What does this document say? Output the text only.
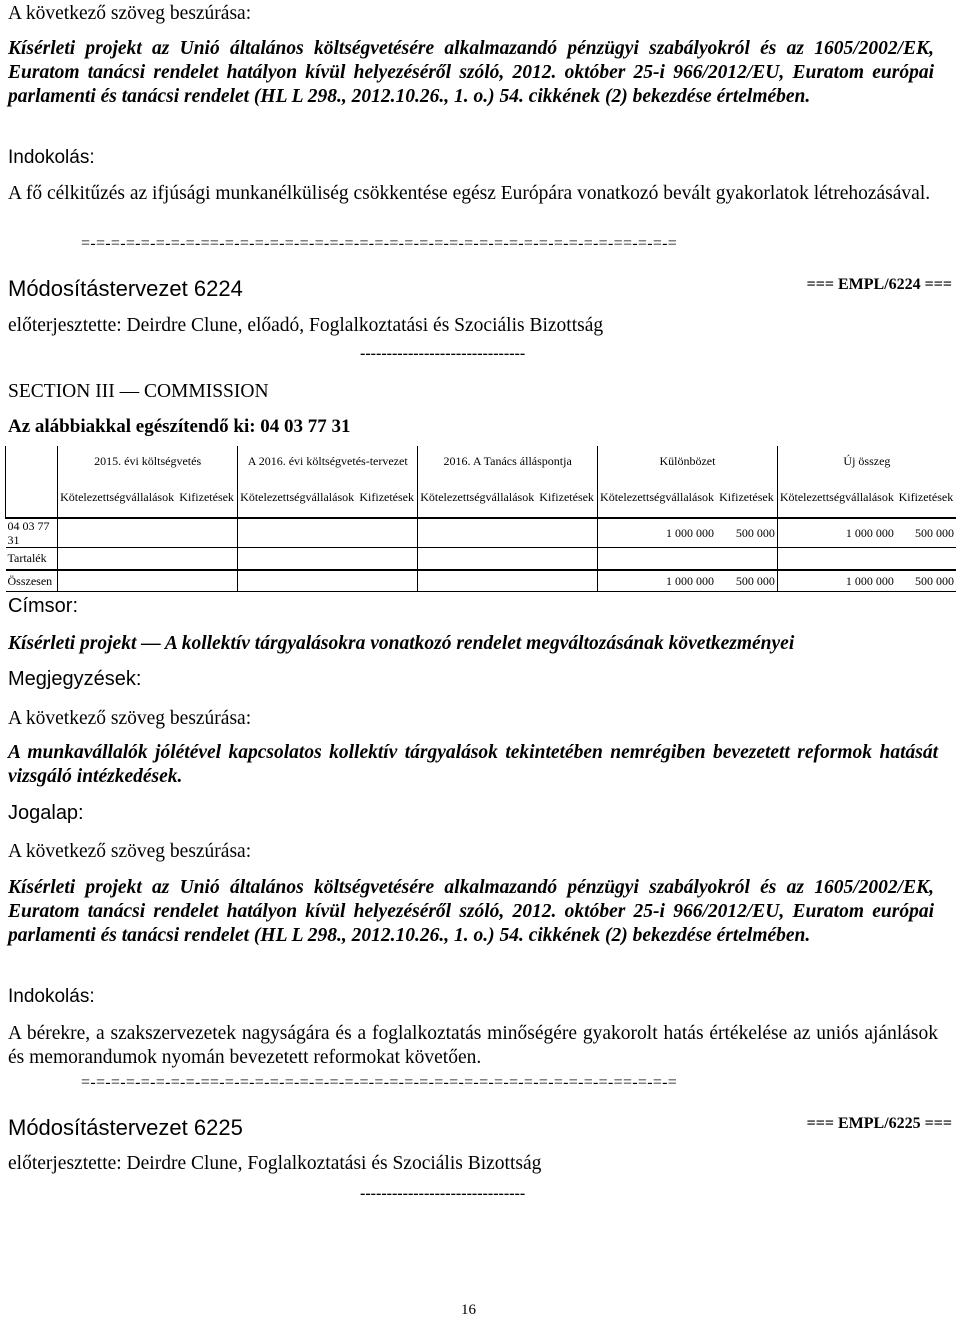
A következő szöveg beszúrása:
Kísérleti projekt az Unió általános költségvetésére alkalmazandó pénzügyi szabályokról és az 1605/2002/EK, Euratom tanácsi rendelet hatályon kívül helyezéséről szóló, 2012. október 25-i 966/2012/EU, Euratom európai parlamenti és tanácsi rendelet (HL L 298., 2012.10.26., 1. o.) 54. cikkének (2) bekezdése értelmében.
Indokolás:
A fő célkitűzés az ifjúsági munkanélküliség csökkentése egész Európára vonatkozó bevált gyakorlatok létrehozásával.
=-=-=-=-=-=-=-=-==-=-=-=-=-=-=-=-=-=-=-=-=-=-=-=-=-=-=-=-=-=-=-=-=-=-=-==-=-=-=
Módosítástervezet 6224	=== EMPL/6224 ===
előterjesztette: Deirdre Clune, előadó, Foglalkoztatási és Szociális Bizottság
-------------------------------
SECTION III — COMMISSION
Az alábbiakkal egészítendő ki: 04 03 77 31
	2015. évi költségvetés		A 2016. évi költségvetés-tervezet		2016. A Tanács álláspontja		Különbözet		Új összeg	
	Kötelezettségvállalások	Kifizetések	Kötelezettségvállalások	Kifizetések	Kötelezettségvállalások	Kifizetések	Kötelezettségvállalások	Kifizetések	Kötelezettségvállalások	Kifizetések
04 03 77 31							1 000 000	500 000	1 000 000	500 000
Tartalék										
Összesen							1 000 000	500 000	1 000 000	500 000
Címsor:
Kísérleti projekt — A kollektív tárgyalásokra vonatkozó rendelet megváltozásának következményei
Megjegyzések:
A következő szöveg beszúrása:
A munkavállalók jólétével kapcsolatos kollektív tárgyalások tekintetében nemrégiben bevezetett reformok hatását vizsgáló intézkedések.
Jogalap:
A következő szöveg beszúrása:
Kísérleti projekt az Unió általános költségvetésére alkalmazandó pénzügyi szabályokról és az 1605/2002/EK, Euratom tanácsi rendelet hatályon kívül helyezéséről szóló, 2012. október 25-i 966/2012/EU, Euratom európai parlamenti és tanácsi rendelet (HL L 298., 2012.10.26., 1. o.) 54. cikkének (2) bekezdése értelmében.
Indokolás:
A bérekre, a szakszervezetek nagyságára és a foglalkoztatás minőségére gyakorolt hatás értékelése az uniós ajánlások és memorandumok nyomán bevezetett reformokat követően.
=-=-=-=-=-=-=-=-==-=-=-=-=-=-=-=-=-=-=-=-=-=-=-=-=-=-=-=-=-=-=-=-=-=-=-==-=-=-=
Módosítástervezet 6225	=== EMPL/6225 ===
előterjesztette: Deirdre Clune, Foglalkoztatási és Szociális Bizottság
-------------------------------
16
